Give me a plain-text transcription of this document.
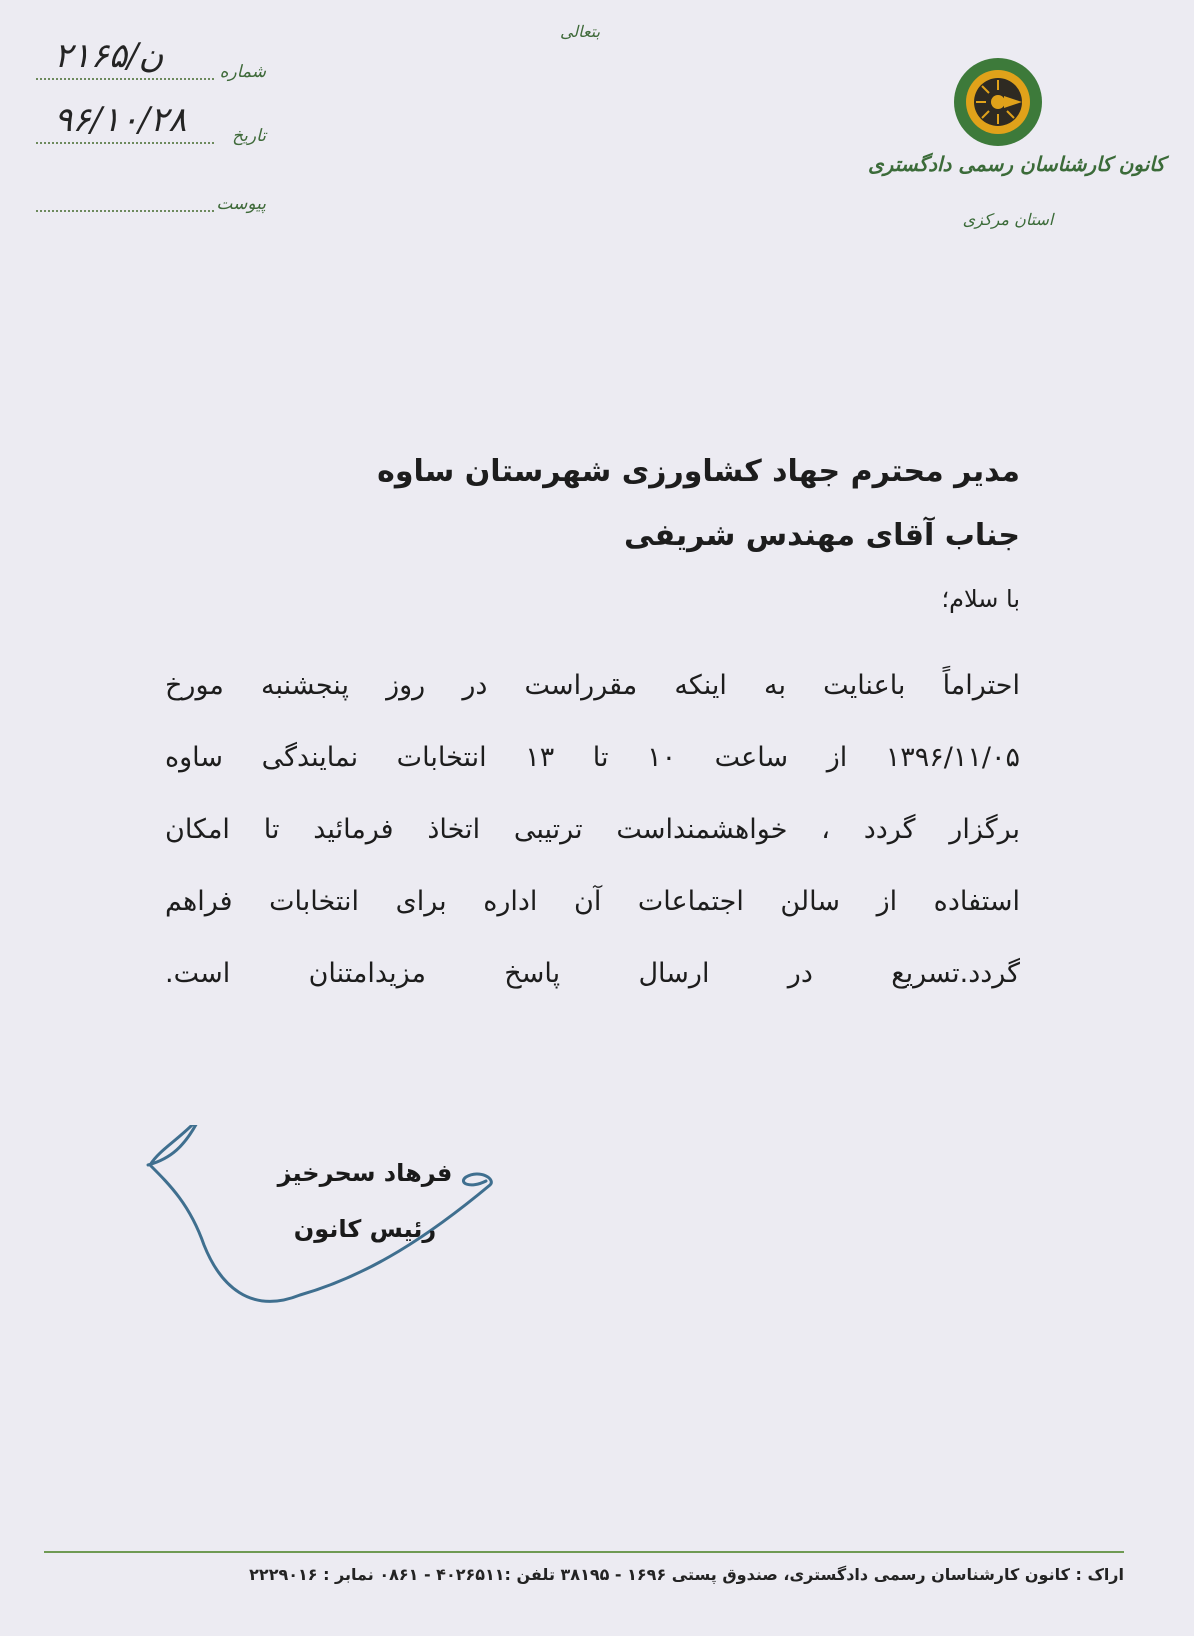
بتعالی
کانون کارشناسان رسمی دادگستری
استان مرکزی
۲۱۶۵/ن	شماره
۹۶/۱۰/۲۸	تاریخ
پیوست
مدیر محترم جهاد کشاورزی شهرستان ساوه
جناب آقای مهندس شریفی
با سلام؛
احتراماً باعنایت به اینکه مقرراست در روز پنجشنبه مورخ
۱۳۹۶/۱۱/۰۵ از ساعت ۱۰ تا ۱۳ انتخابات نمایندگی ساوه
برگزار گردد ، خواهشمنداست ترتیبی اتخاذ فرمائید تا امکان
استفاده از سالن اجتماعات آن اداره برای انتخابات فراهم
گردد.تسریع در ارسال پاسخ مزیدامتنان است.
فرهاد سحرخیز
رئیس کانون
اراک : کانون کارشناسان رسمی دادگستری، صندوق پستی ۱۶۹۶ - ۳۸۱۹۵ تلفن :۴۰۲۶۵۱۱ - ۰۸۶۱ نمابر : ۲۲۲۹۰۱۶
